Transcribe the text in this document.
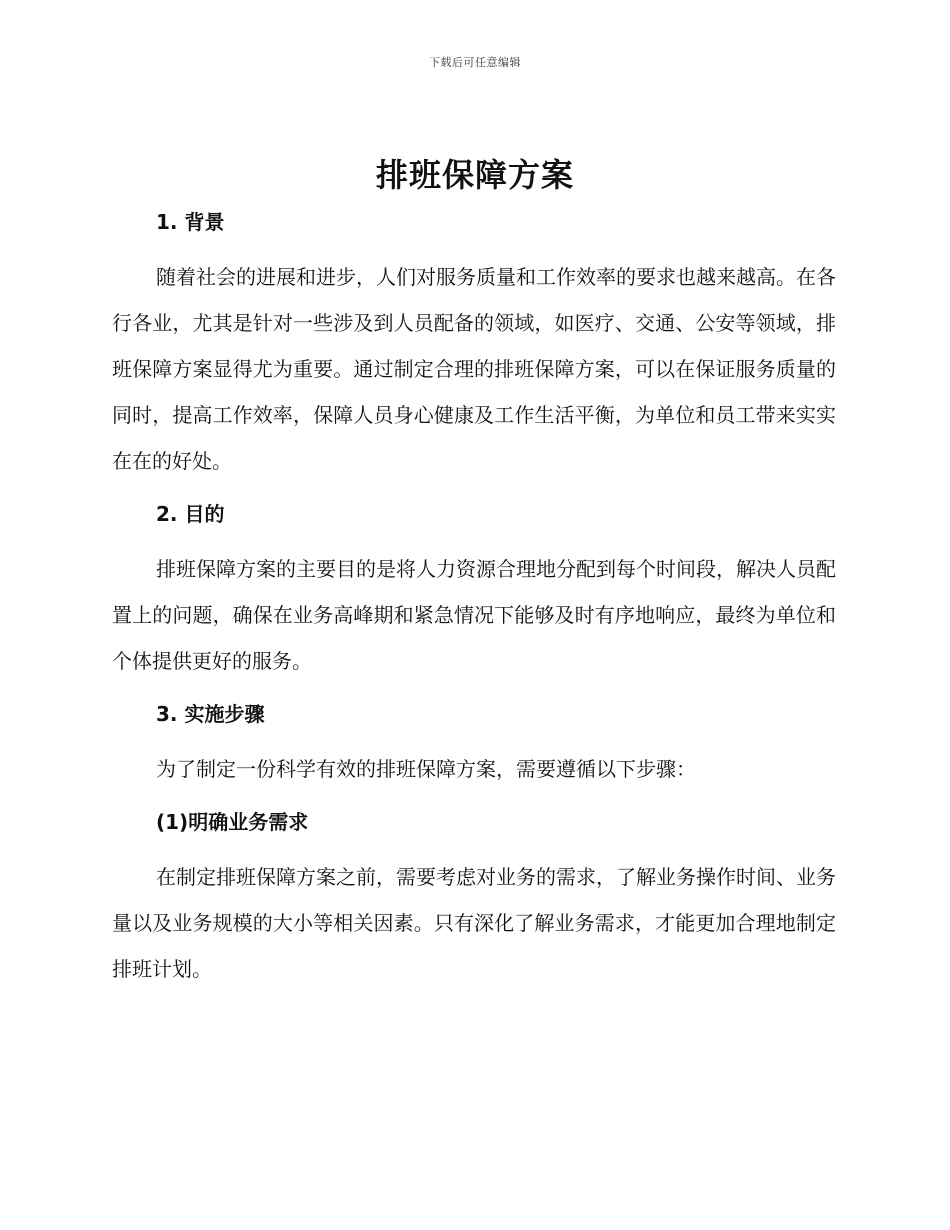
下载后可任意编辑
排班保障方案
1. 背景

随着社会的进展和进步，人们对服务质量和工作效率的要求也越来越高。在各行各业，尤其是针对一些涉及到人员配备的领域，如医疗、交通、公安等领域，排班保障方案显得尤为重要。通过制定合理的排班保障方案，可以在保证服务质量的同时，提高工作效率，保障人员身心健康及工作生活平衡，为单位和员工带来实实在在的好处。

2. 目的

排班保障方案的主要目的是将人力资源合理地分配到每个时间段，解决人员配置上的问题，确保在业务高峰期和紧急情况下能够及时有序地响应，最终为单位和个体提供更好的服务。

3. 实施步骤

为了制定一份科学有效的排班保障方案，需要遵循以下步骤：

(1)明确业务需求

在制定排班保障方案之前，需要考虑对业务的需求，了解业务操作时间、业务量以及业务规模的大小等相关因素。只有深化了解业务需求，才能更加合理地制定排班计划。
